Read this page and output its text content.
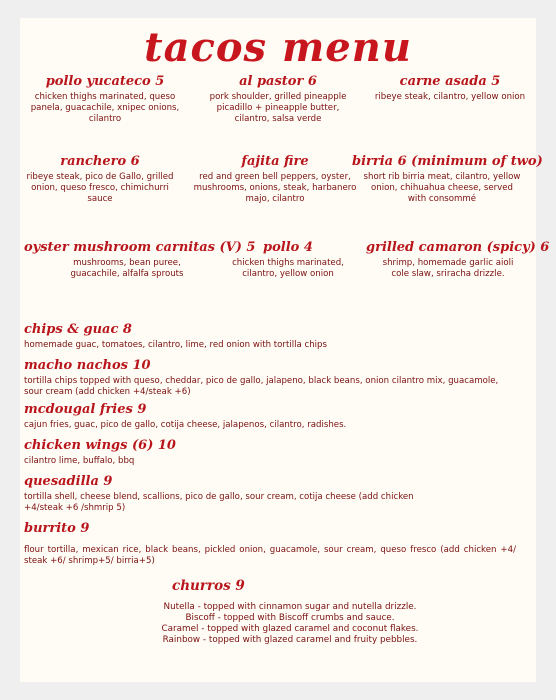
tacos menu
pollo yucateco 5
chicken thighs marinated, queso panela, guacachile, xnipec onions, cilantro
al pastor 6
pork shoulder, grilled pineapple picadillo + pineapple butter, cilantro, salsa verde
carne asada 5
ribeye steak, cilantro, yellow onion
ranchero 6
ribeye steak, pico de Gallo, grilled onion, queso fresco, chimichurri sauce
fajita fire
red and green bell peppers, oyster, mushrooms, onions, steak, harbanero majo, cilantro
birria 6 (minimum of two)
short rib birria meat, cilantro, yellow onion, chihuahua cheese, served with consommé
oyster mushroom carnitas (V) 5
mushrooms, bean puree, guacachile, alfalfa sprouts
pollo 4
chicken thighs marinated, cilantro, yellow onion
grilled camaron (spicy) 6
shrimp, homemade garlic aioli cole slaw, sriracha drizzle.
chips & guac 8
homemade guac, tomatoes, cilantro, lime, red onion with tortilla chips
macho nachos 10
tortilla chips topped with queso, cheddar, pico de gallo, jalapeno, black beans, onion cilantro mix, guacamole, sour cream (add chicken +4/steak +6)
mcdougal fries 9
cajun fries, guac, pico de gallo, cotija cheese, jalapenos, cilantro, radishes.
chicken wings (6) 10
cilantro lime, buffalo, bbq
quesadilla 9
tortilla shell, cheese blend, scallions, pico de gallo, sour cream, cotija cheese (add chicken +4/steak +6 /shmrip 5)
burrito 9
flour tortilla, mexican rice, black beans, pickled onion, guacamole, sour cream, queso fresco (add chicken +4/ steak +6/ shrimp+5/ birria+5)
churros 9
Nutella - topped with cinnamon sugar and nutella drizzle.
Biscoff - topped with Biscoff crumbs and sauce.
Caramel - topped with glazed caramel and coconut flakes.
Rainbow - topped with glazed caramel and fruity pebbles.
